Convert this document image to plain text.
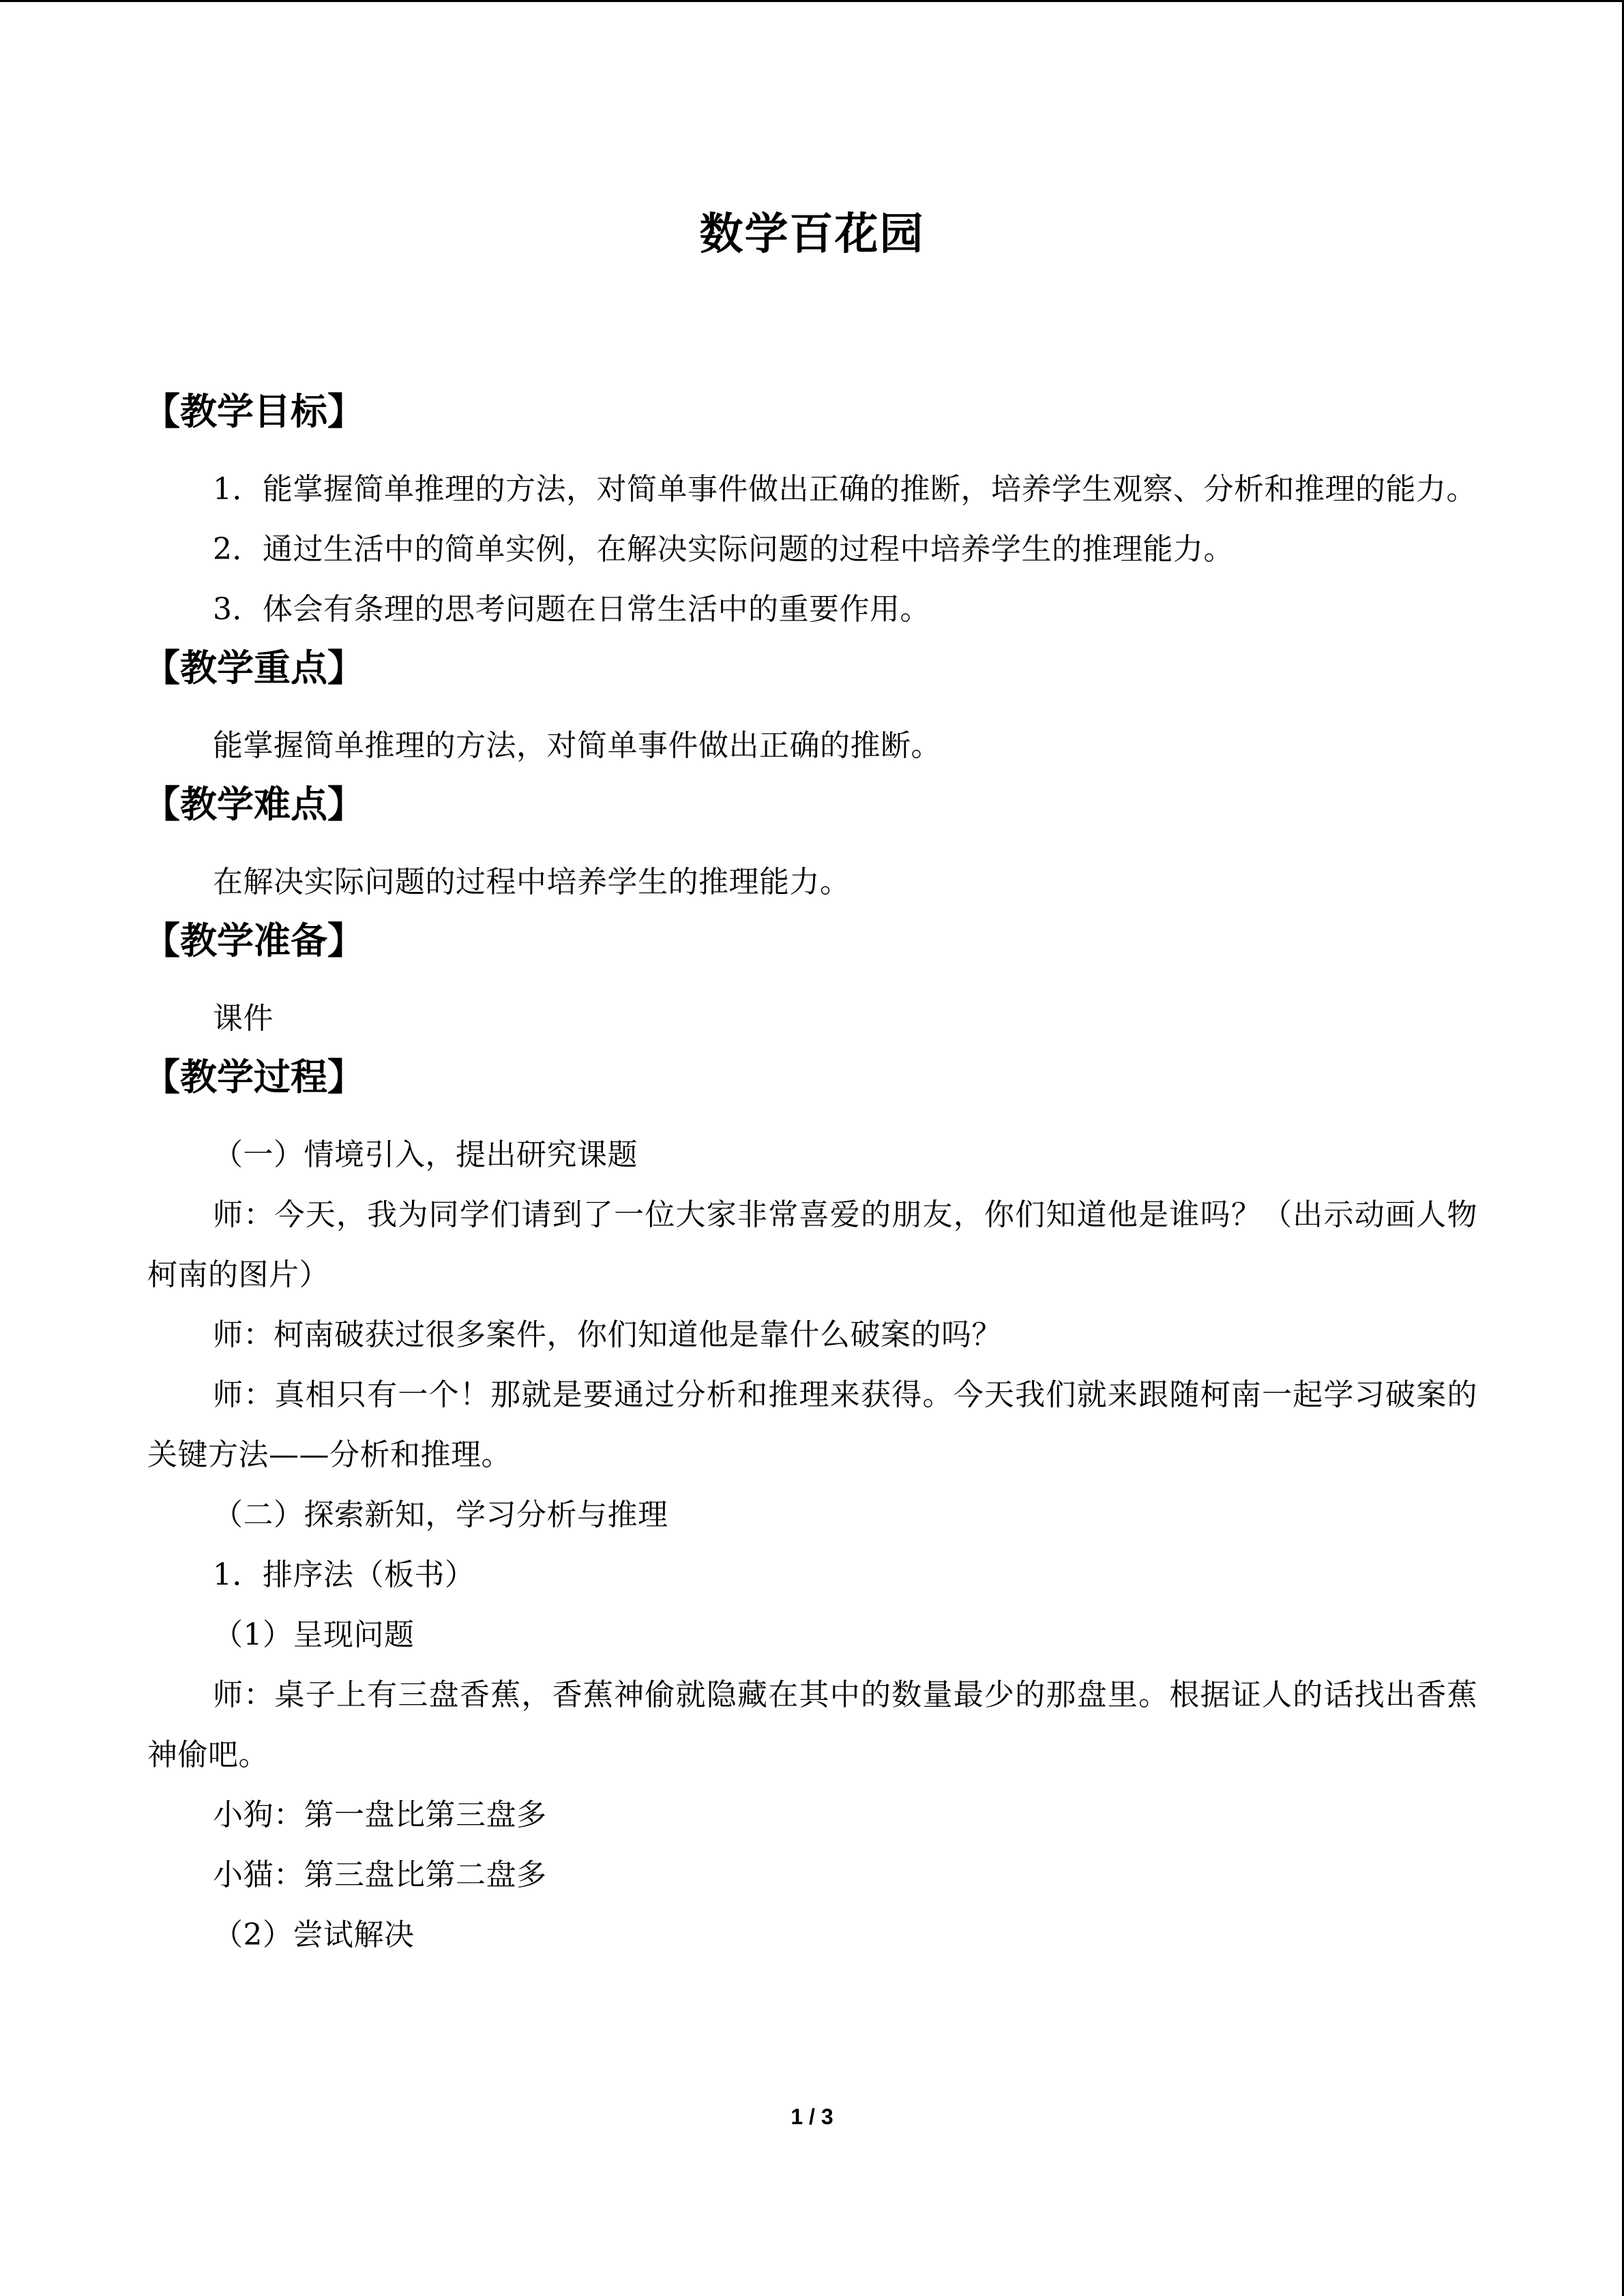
数学百花园
【教学目标】

1．能掌握简单推理的方法，对简单事件做出正确的推断，培养学生观察、分析和推理的能力。

2．通过生活中的简单实例，在解决实际问题的过程中培养学生的推理能力。

3．体会有条理的思考问题在日常生活中的重要作用。

【教学重点】

能掌握简单推理的方法，对简单事件做出正确的推断。

【教学难点】

在解决实际问题的过程中培养学生的推理能力。

【教学准备】

课件

【教学过程】

（一）情境引入，提出研究课题

师：今天，我为同学们请到了一位大家非常喜爱的朋友，你们知道他是谁吗？（出示动画人物柯南的图片）

师：柯南破获过很多案件，你们知道他是靠什么破案的吗？

师：真相只有一个！那就是要通过分析和推理来获得。今天我们就来跟随柯南一起学习破案的关键方法——分析和推理。

（二）探索新知，学习分析与推理

1．排序法（板书）

（1）呈现问题

师：桌子上有三盘香蕉，香蕉神偷就隐藏在其中的数量最少的那盘里。根据证人的话找出香蕉神偷吧。

小狗：第一盘比第三盘多

小猫：第三盘比第二盘多

（2）尝试解决

1 / 3
